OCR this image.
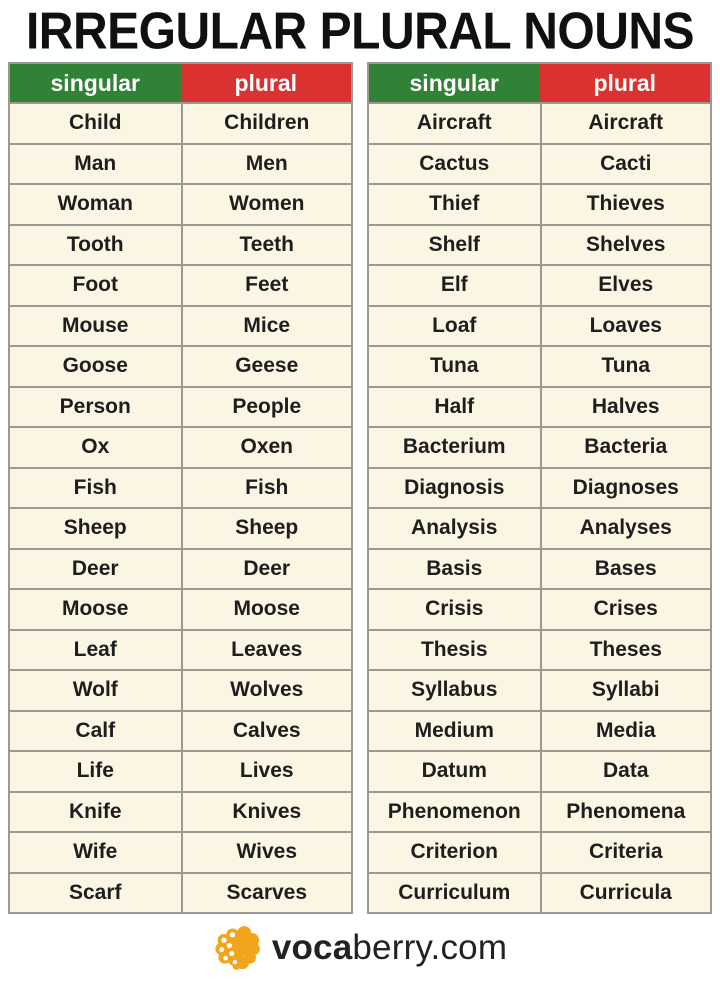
IRREGULAR PLURAL NOUNS
singular	plural
Child	Children
Man	Men
Woman	Women
Tooth	Teeth
Foot	Feet
Mouse	Mice
Goose	Geese
Person	People
Ox	Oxen
Fish	Fish
Sheep	Sheep
Deer	Deer
Moose	Moose
Leaf	Leaves
Wolf	Wolves
Calf	Calves
Life	Lives
Knife	Knives
Wife	Wives
Scarf	Scarves
singular	plural
Aircraft	Aircraft
Cactus	Cacti
Thief	Thieves
Shelf	Shelves
Elf	Elves
Loaf	Loaves
Tuna	Tuna
Half	Halves
Bacterium	Bacteria
Diagnosis	Diagnoses
Analysis	Analyses
Basis	Bases
Crisis	Crises
Thesis	Theses
Syllabus	Syllabi
Medium	Media
Datum	Data
Phenomenon	Phenomena
Criterion	Criteria
Curriculum	Curricula
vocaberry.com
